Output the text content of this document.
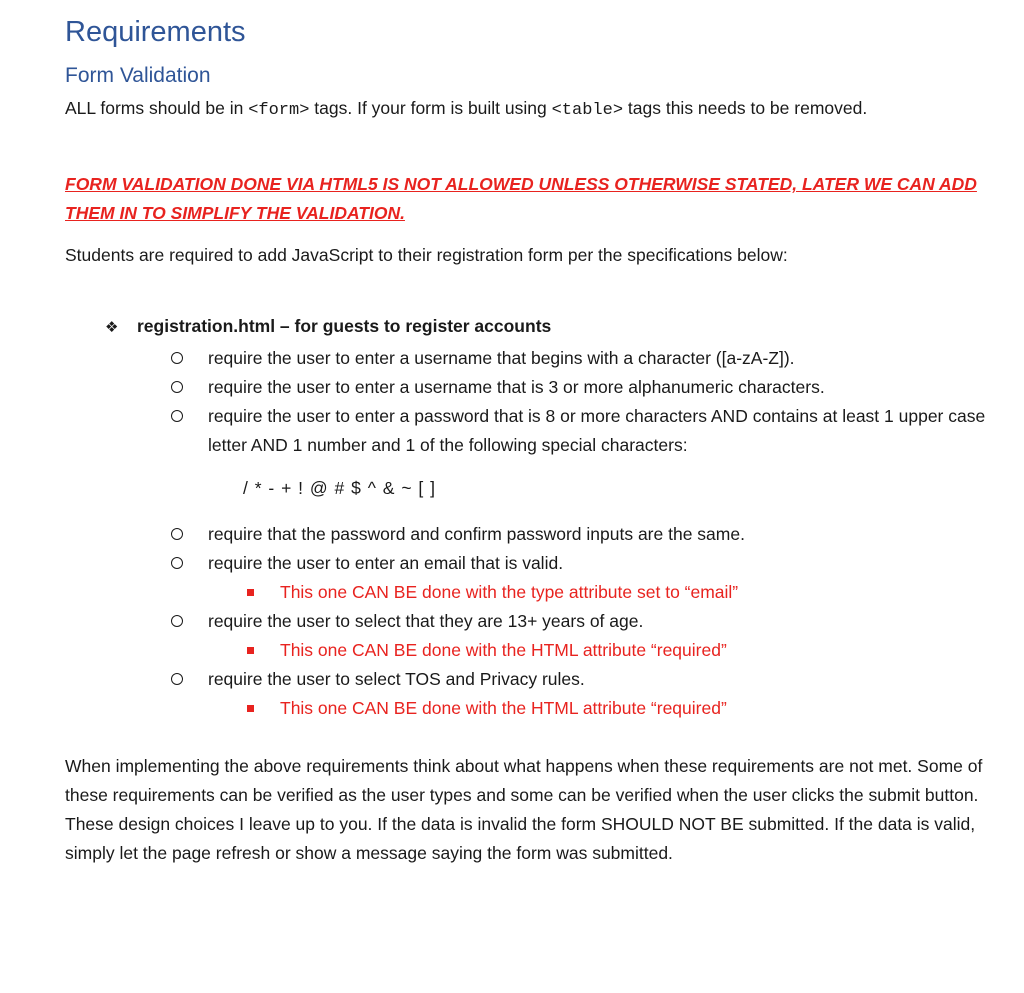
Requirements
Form Validation
ALL forms should be in <form> tags. If your form is built using <table> tags this needs to be removed.
FORM VALIDATION DONE VIA HTML5 IS NOT ALLOWED UNLESS OTHERWISE STATED, LATER WE CAN ADD THEM IN TO SIMPLIFY THE VALIDATION.
Students are required to add JavaScript to their registration form per the specifications below:
❖ registration.html – for guests to register accounts
require the user to enter a username that begins with a character ([a-zA-Z]).
require the user to enter a username that is 3 or more alphanumeric characters.
require the user to enter a password that is 8 or more characters AND contains at least 1 upper case letter AND 1 number and 1 of the following special characters:
/ * - + ! @ # $ ^ & ~ [ ]
require that the password and confirm password inputs are the same.
require the user to enter an email that is valid.
This one CAN BE done with the type attribute set to “email”
require the user to select that they are 13+ years of age.
This one CAN BE done with the HTML attribute “required”
require the user to select TOS and Privacy rules.
This one CAN BE done with the HTML attribute “required”
When implementing the above requirements think about what happens when these requirements are not met. Some of these requirements can be verified as the user types and some can be verified when the user clicks the submit button. These design choices I leave up to you. If the data is invalid the form SHOULD NOT BE submitted. If the data is valid, simply let the page refresh or show a message saying the form was submitted.
